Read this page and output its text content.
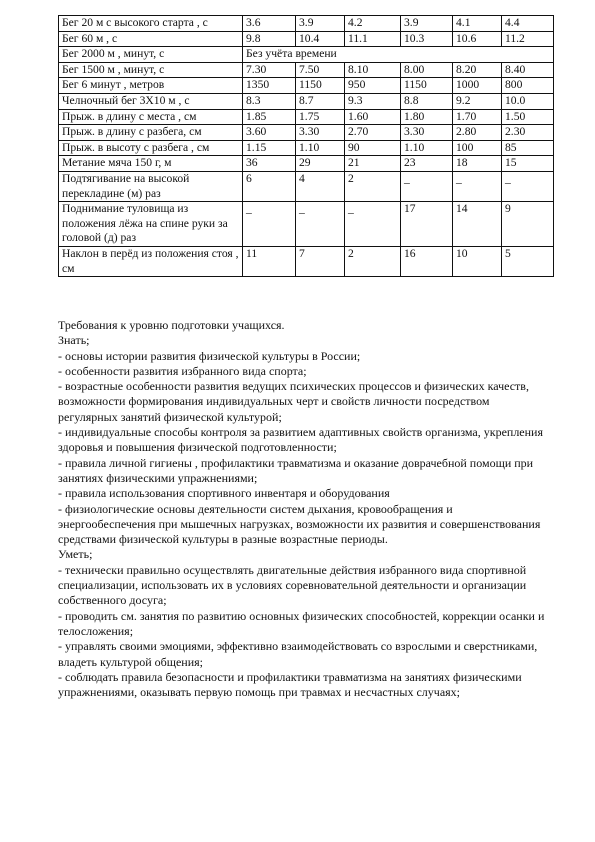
Бег 20 м с высокого старта , с	3.6	3.9	4.2	3.9	4.1	4.4
Бег 60 м , с	9.8	10.4	11.1	10.3	10.6	11.2
Бег 2000 м , минут, с	Без учёта времени					
Бег 1500 м , минут, с	7.30	7.50	8.10	8.00	8.20	8.40
Бег 6 минут , метров	1350	1150	950	1150	1000	800
Челночный бег 3Х10 м , с	8.3	8.7	9.3	8.8	9.2	10.0
Прыж. в длину с места , см	1.85	1.75	1.60	1.80	1.70	1.50
Прыж. в длину с разбега, см	3.60	3.30	2.70	3.30	2.80	2.30
Прыж. в высоту с разбега , см	1.15	1.10	90	1.10	100	85
Метание мяча 150 г, м	36	29	21	23	18	15
Подтягивание на высокой перекладине (м) раз	6	4	2	_	_	_
Поднимание туловища из положения лёжа на спине руки за головой (д) раз	_	_	_	17	14	9
Наклон в перёд из положения стоя , см	11	7	2	16	10	5

Требования к уровню подготовки учащихся.

Знать;

- основы истории развития физической культуры в России;

- особенности развития избранного вида спорта;

- возрастные особенности развития ведущих психических процессов и физических качеств, возможности формирования индивидуальных черт и свойств личности посредством регулярных занятий физической культурой;

- индивидуальные способы контроля за развитием адаптивных свойств организма, укрепления здоровья и повышения физической подготовленности;

- правила личной гигиены , профилактики травматизма и оказание доврачебной помощи при занятиях физическими упражнениями;

- правила использования спортивного инвентаря и оборудования

- физиологические основы деятельности систем дыхания, кровообращения и энергообеспечения при мышечных нагрузках, возможности их развития и совершенствования средствами физической культуры в разные возрастные периоды.

Уметь;

- технически правильно осуществлять двигательные действия избранного вида спортивной специализации, использовать их в условиях соревновательной деятельности и организации собственного досуга;

- проводить см. занятия по развитию основных физических способностей, коррекции осанки и телосложения;

- управлять своими эмоциями, эффективно взаимодействовать со взрослыми и сверстниками, владеть культурой общения;

- соблюдать правила безопасности и профилактики травматизма на занятиях физическими упражнениями, оказывать первую помощь при травмах и несчастных случаях;
